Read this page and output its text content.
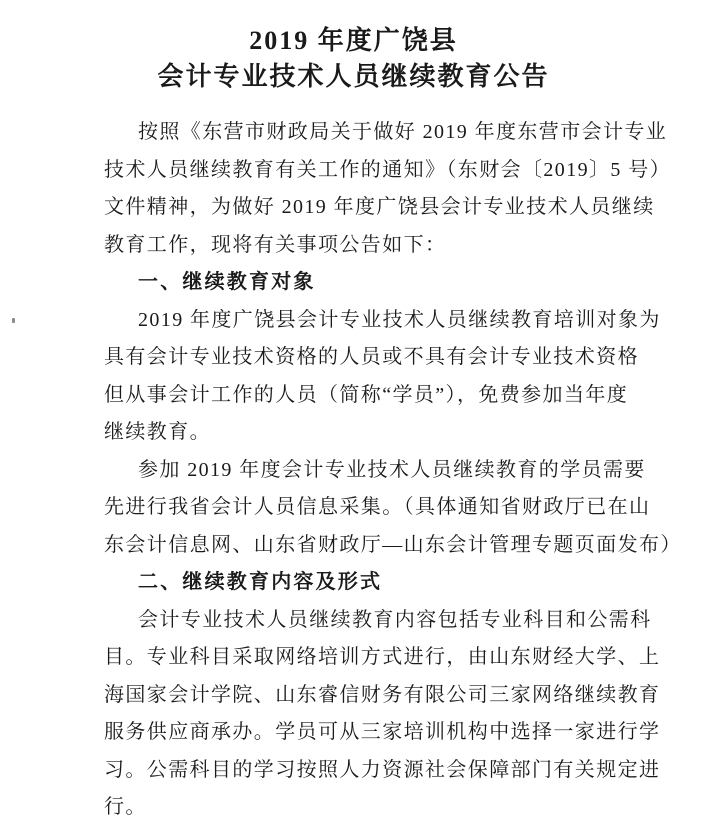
2019 年度广饶县
会计专业技术人员继续教育公告
按照《东营市财政局关于做好 2019 年度东营市会计专业
技术人员继续教育有关工作的通知》（东财会〔2019〕5 号）
文件精神，为做好 2019 年度广饶县会计专业技术人员继续
教育工作，现将有关事项公告如下：
一、继续教育对象
2019 年度广饶县会计专业技术人员继续教育培训对象为
具有会计专业技术资格的人员或不具有会计专业技术资格
但从事会计工作的人员（简称“学员”），免费参加当年度
继续教育。
参加 2019 年度会计专业技术人员继续教育的学员需要
先进行我省会计人员信息采集。（具体通知省财政厅已在山
东会计信息网、山东省财政厅—山东会计管理专题页面发布）
二、继续教育内容及形式
会计专业技术人员继续教育内容包括专业科目和公需科
目。专业科目采取网络培训方式进行，由山东财经大学、上
海国家会计学院、山东睿信财务有限公司三家网络继续教育
服务供应商承办。学员可从三家培训机构中选择一家进行学
习。公需科目的学习按照人力资源社会保障部门有关规定进
行。
